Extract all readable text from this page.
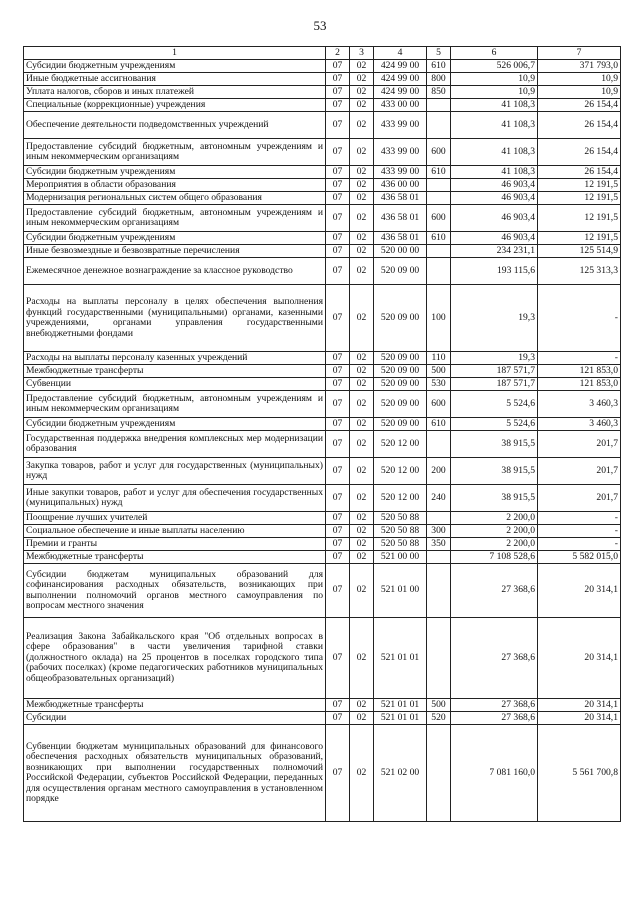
53
1	2	3	4	5	6	7
Субсидии бюджетным учреждениям	07	02	424 99 00	610	526 006,7	371 793,0
Иные бюджетные ассигнования	07	02	424 99 00	800	10,9	10,9
Уплата налогов, сборов и иных платежей	07	02	424 99 00	850	10,9	10,9
Специальные (коррекционные) учреждения	07	02	433 00 00		41 108,3	26 154,4
Обеспечение деятельности подведомственных учреждений	07	02	433 99 00		41 108,3	26 154,4
Предоставление субсидий бюджетным, автономным учреждениям и иным некоммерческим организациям	07	02	433 99 00	600	41 108,3	26 154,4
Субсидии бюджетным учреждениям	07	02	433 99 00	610	41 108,3	26 154,4
Мероприятия в области образования	07	02	436 00 00		46 903,4	12 191,5
Модернизация региональных систем общего образования	07	02	436 58 01		46 903,4	12 191,5
Предоставление субсидий бюджетным, автономным учреждениям и иным некоммерческим организациям	07	02	436 58 01	600	46 903,4	12 191,5
Субсидии бюджетным учреждениям	07	02	436 58 01	610	46 903,4	12 191,5
Иные безвозмездные и безвозвратные перечисления	07	02	520 00 00		234 231,1	125 514,9
Ежемесячное денежное вознаграждение за классное руководство	07	02	520 09 00		193 115,6	125 313,3
Расходы на выплаты персоналу в целях обеспечения выполнения функций государственными (муниципальными) органами, казенными учреждениями, органами управления государственными внебюджетными фондами	07	02	520 09 00	100	19,3	-
Расходы на выплаты персоналу казенных учреждений	07	02	520 09 00	110	19,3	-
Межбюджетные трансферты	07	02	520 09 00	500	187 571,7	121 853,0
Субвенции	07	02	520 09 00	530	187 571,7	121 853,0
Предоставление субсидий бюджетным, автономным учреждениям и иным некоммерческим организациям	07	02	520 09 00	600	5 524,6	3 460,3
Субсидии бюджетным учреждениям	07	02	520 09 00	610	5 524,6	3 460,3
Государственная поддержка внедрения комплексных мер модернизации образования	07	02	520 12 00		38 915,5	201,7
Закупка товаров, работ и услуг для государственных (муниципальных) нужд	07	02	520 12 00	200	38 915,5	201,7
Иные закупки товаров, работ и услуг для обеспечения государственных (муниципальных) нужд	07	02	520 12 00	240	38 915,5	201,7
Поощрение лучших учителей	07	02	520 50 88		2 200,0	-
Социальное обеспечение и иные выплаты населению	07	02	520 50 88	300	2 200,0	-
Премии и гранты	07	02	520 50 88	350	2 200,0	-
Межбюджетные трансферты	07	02	521 00 00		7 108 528,6	5 582 015,0
Субсидии бюджетам муниципальных образований для софинансирования расходных обязательств, возникающих при выполнении полномочий органов местного самоуправления по вопросам местного значения	07	02	521 01 00		27 368,6	20 314,1
Реализация Закона Забайкальского края "Об отдельных вопросах в сфере образования" в части увеличения тарифной ставки (должностного оклада) на 25 процентов в поселках городского типа (рабочих поселках) (кроме педагогических работников муниципальных общеобразовательных организаций)	07	02	521 01 01		27 368,6	20 314,1
Межбюджетные трансферты	07	02	521 01 01	500	27 368,6	20 314,1
Субсидии	07	02	521 01 01	520	27 368,6	20 314,1
Субвенции бюджетам муниципальных образований для финансового обеспечения расходных обязательств муниципальных образований, возникающих при выполнении государственных полномочий Российской Федерации, субъектов Российской Федерации, переданных для осуществления органам местного самоуправления в установленном порядке	07	02	521 02 00		7 081 160,0	5 561 700,8
